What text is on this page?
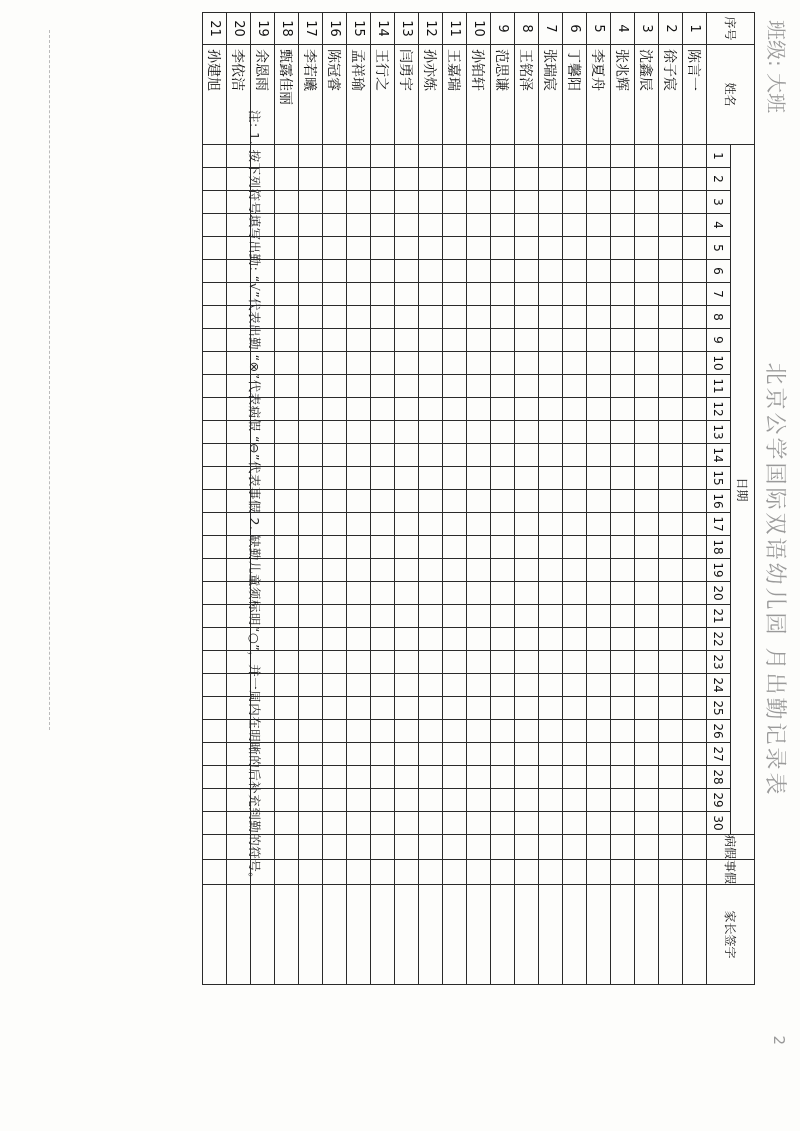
班级: 大班
北京公学国际双语幼儿园 月出勤记录表
2
序号	姓名	日期																														病假	事假	家长签字
		1	2	3	4	5	6	7	8	9	10	11	12	13	14	15	16	17	18	19	20	21	22	23	24	25	26	27	28	29	30			
1	陈言一																																	
2	徐子宸																																	
3	沈鑫辰																																	
4	张兆辉																																	
5	李夏舟																																	
6	丁馨阳																																	
7	张瑞宸																																	
8	王铭泽																																	
9	范思谦																																	
10	孙铂轩																																	
11	王嘉瑞																																	
12	孙亦炼																																	
13	闫勇宇																																	
14	王行之																																	
15	孟祥瑜																																	
16	陈冠睿																																	
17	李若曦																																	
18	甄露佳丽																																	
19	余恩雨																																	
20	李依洁																																	
21	孙建旭																																	
注: 1. 按下列符号填写出勤: “√”代表出勤 “⊗”代表病假 “⊖”代表事假 2. 缺勤儿童须标明“○”，并一周内在明晰的后补充到勤的符号。
